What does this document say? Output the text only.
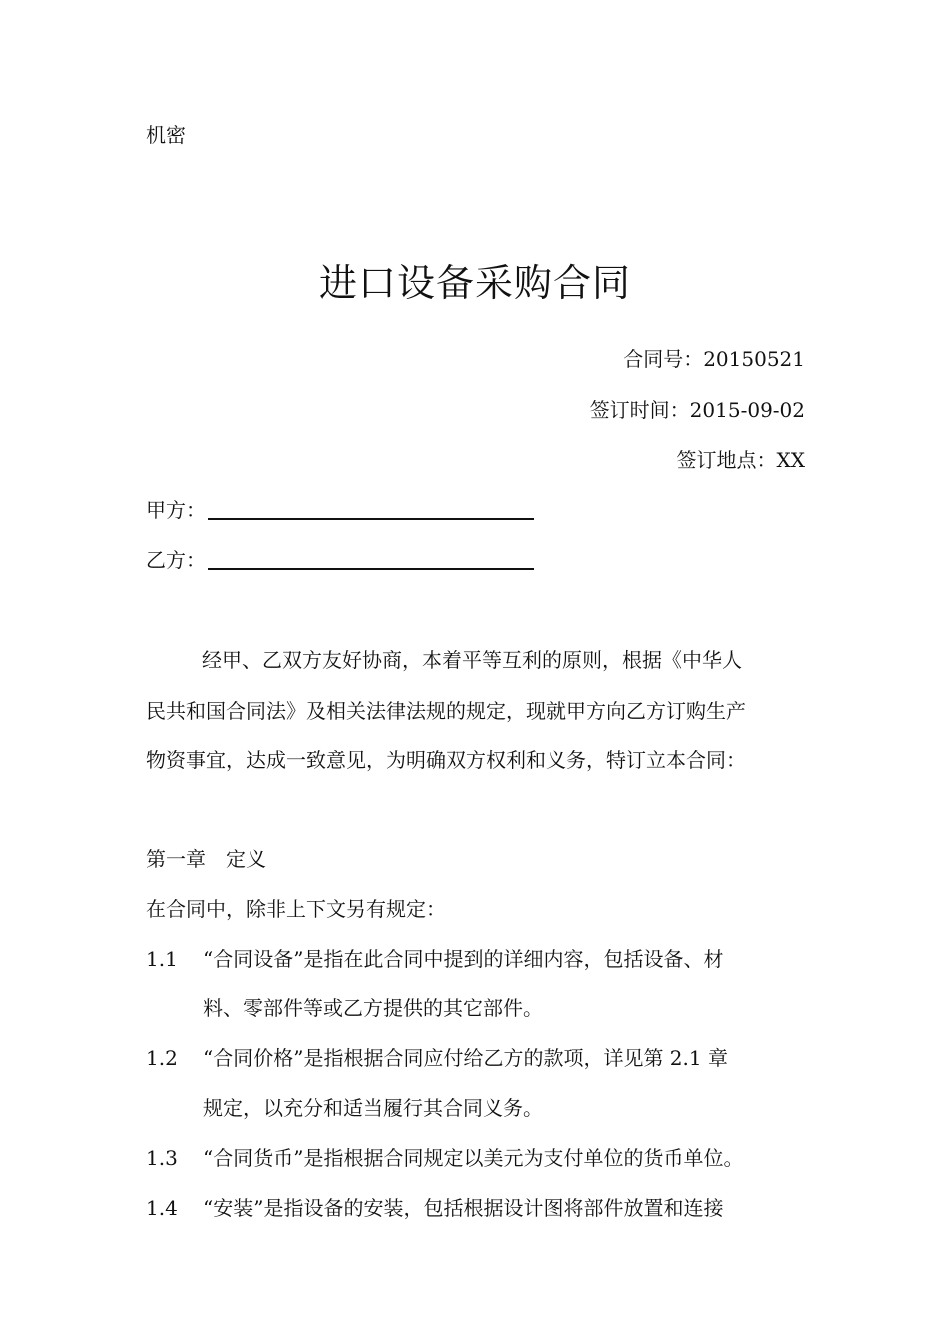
机密
进口设备采购合同
合同号：20150521
签订时间：2015-09-02
签订地点：XX
甲方：
乙方：
经甲、乙双方友好协商，本着平等互利的原则，根据《中华人
民共和国合同法》及相关法律法规的规定，现就甲方向乙方订购生产
物资事宜，达成一致意见，为明确双方权利和义务，特订立本合同：
第一章　定义
在合同中，除非上下文另有规定：
1.1 “合同设备”是指在此合同中提到的详细内容，包括设备、材
料、零部件等或乙方提供的其它部件。
1.2 “合同价格”是指根据合同应付给乙方的款项，详见第 2.1 章
规定，以充分和适当履行其合同义务。
1.3 “合同货币”是指根据合同规定以美元为支付单位的货币单位。
1.4 “安装”是指设备的安装，包括根据设计图将部件放置和连接
